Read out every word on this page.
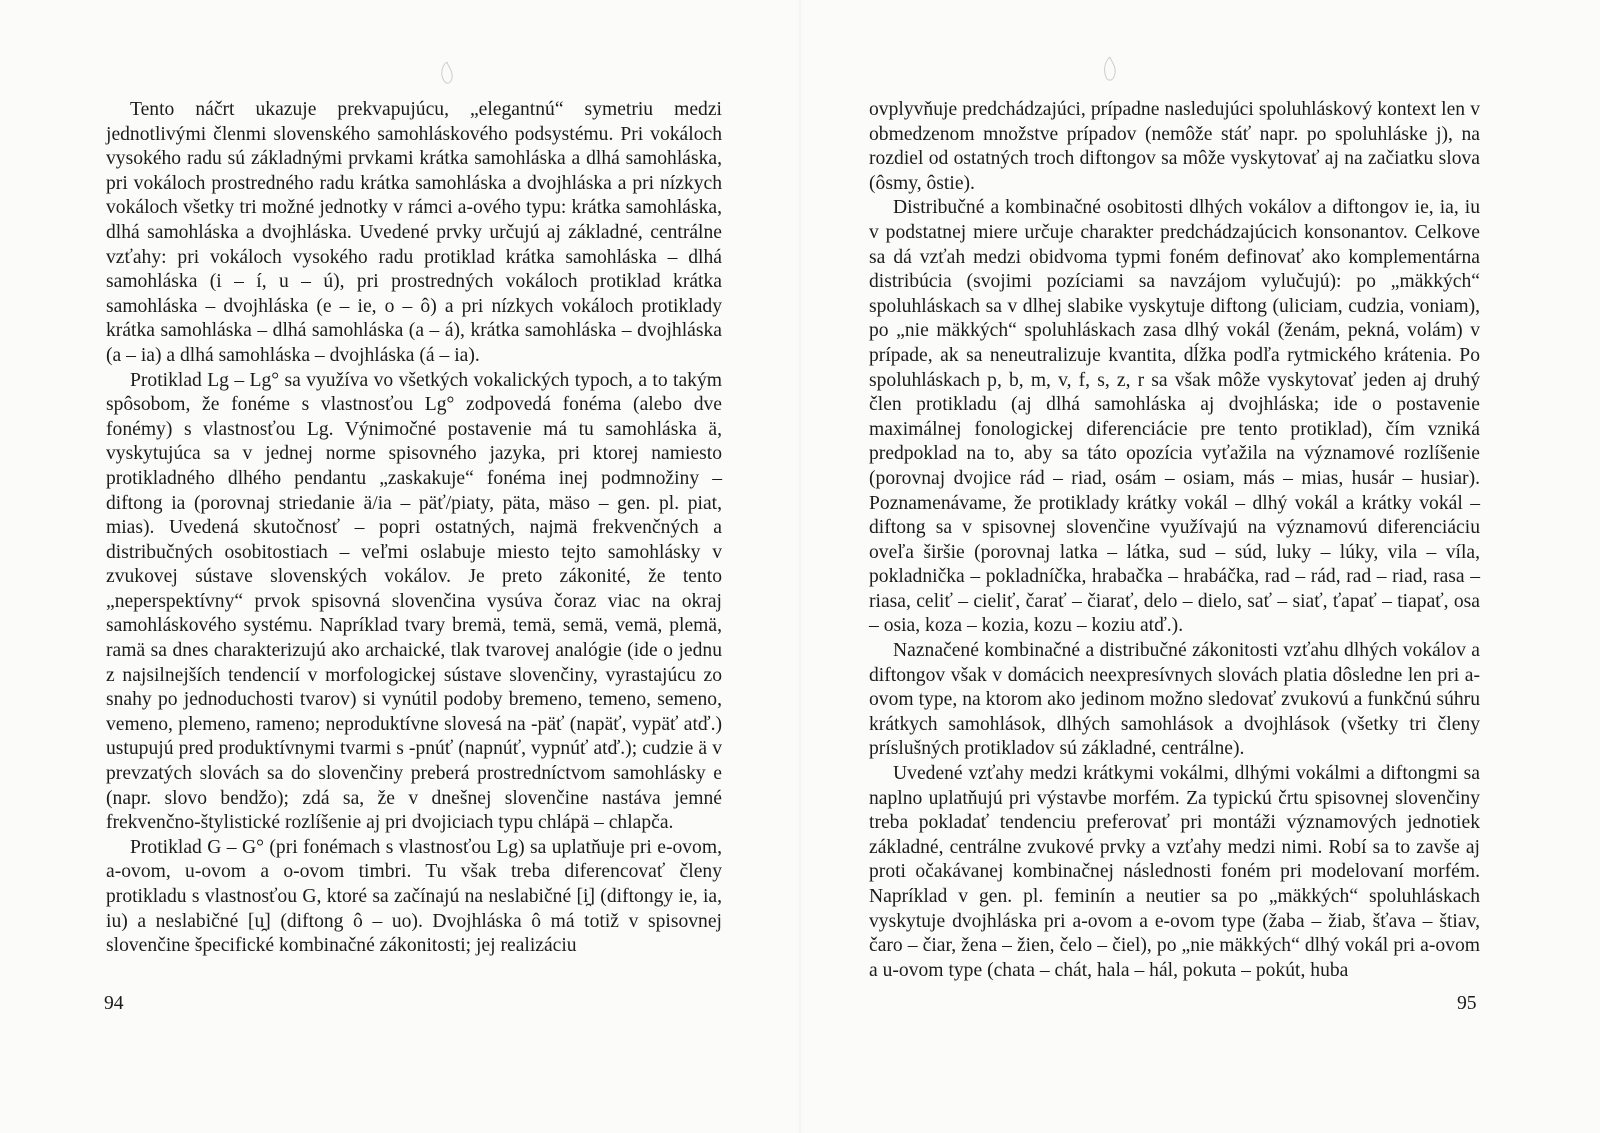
Tento náčrt ukazuje prekvapujúcu, „elegantnú“ symetriu medzi jednotlivými členmi slovenského samohláskového podsystému. Pri vokáloch vysokého radu sú základnými prvkami krátka samohláska a dlhá samohláska, pri vokáloch prostredného radu krátka samohláska a dvojhláska a pri nízkych vokáloch všetky tri možné jednotky v rámci a-ového typu: krátka samohláska, dlhá samohláska a dvojhláska. Uvedené prvky určujú aj základné, centrálne vzťahy: pri vokáloch vysokého radu protiklad krátka samohláska – dlhá samohláska (i – í, u – ú), pri prostredných vokáloch protiklad krátka samohláska – dvojhláska (e – ie, o – ô) a pri nízkych vokáloch protiklady krátka samohláska – dlhá samohláska (a – á), krátka samohláska – dvojhláska (a – ia) a dlhá samohláska – dvojhláska (á – ia).

Protiklad Lg – Lg° sa využíva vo všetkých vokalických typoch, a to takým spôsobom, že fonéme s vlastnosťou Lg° zodpovedá fonéma (alebo dve fonémy) s vlastnosťou Lg. Výnimočné postavenie má tu samohláska ä, vyskytujúca sa v jednej norme spisovného jazyka, pri ktorej namiesto protikladného dlhého pendantu „zaskakuje“ fonéma inej podmnožiny – diftong ia (porovnaj striedanie ä/ia – päť/piaty, päta, mäso – gen. pl. piat, mias). Uvedená skutočnosť – popri ostatných, najmä frekvenčných a distribučných osobitostiach – veľmi oslabuje miesto tejto samohlásky v zvukovej sústave slovenských vokálov. Je preto zákonité, že tento „neperspektívny“ prvok spisovná slovenčina vysúva čoraz viac na okraj samohláskového systému. Napríklad tvary bremä, temä, semä, vemä, plemä, ramä sa dnes charakterizujú ako archaické, tlak tvarovej analógie (ide o jednu z najsilnejších tendencií v morfologickej sústave slovenčiny, vyrastajúcu zo snahy po jednoduchosti tvarov) si vynútil podoby bremeno, temeno, semeno, vemeno, plemeno, rameno; neproduktívne slovesá na -päť (napäť, vypäť atď.) ustupujú pred produktívnymi tvarmi s -pnúť (napnúť, vypnúť atď.); cudzie ä v prevzatých slovách sa do slovenčiny preberá prostredníctvom samohlásky e (napr. slovo bendžo); zdá sa, že v dnešnej slovenčine nastáva jemné frekvenčno-štylistické rozlíšenie aj pri dvojiciach typu chlápä – chlapča.

Protiklad G – G° (pri fonémach s vlastnosťou Lg) sa uplatňuje pri e-ovom, a-ovom, u-ovom a o-ovom timbri. Tu však treba diferencovať členy protikladu s vlastnosťou G, ktoré sa začínajú na neslabičné [i̯] (diftongy ie, ia, iu) a neslabičné [u̯] (diftong ô – uo). Dvojhláska ô má totiž v spisovnej slovenčine špecifické kombinačné zákonitosti; jej realizáciu

94

ovplyvňuje predchádzajúci, prípadne nasledujúci spoluhláskový kontext len v obmedzenom množstve prípadov (nemôže stáť napr. po spoluhláske j), na rozdiel od ostatných troch diftongov sa môže vyskytovať aj na začiatku slova (ôsmy, ôstie).

Distribučné a kombinačné osobitosti dlhých vokálov a diftongov ie, ia, iu v podstatnej miere určuje charakter predchádzajúcich konsonantov. Celkove sa dá vzťah medzi obidvoma typmi foném definovať ako komplementárna distribúcia (svojimi pozíciami sa navzájom vylučujú): po „mäkkých“ spoluhláskach sa v dlhej slabike vyskytuje diftong (uliciam, cudzia, voniam), po „nie mäkkých“ spoluhláskach zasa dlhý vokál (ženám, pekná, volám) v prípade, ak sa neneutralizuje kvantita, dĺžka podľa rytmického krátenia. Po spoluhláskach p, b, m, v, f, s, z, r sa však môže vyskytovať jeden aj druhý člen protikladu (aj dlhá samohláska aj dvojhláska; ide o postavenie maximálnej fonologickej diferenciácie pre tento protiklad), čím vzniká predpoklad na to, aby sa táto opozícia vyťažila na významové rozlíšenie (porovnaj dvojice rád – riad, osám – osiam, más – mias, husár – husiar). Poznamenávame, že protiklady krátky vokál – dlhý vokál a krátky vokál – diftong sa v spisovnej slovenčine využívajú na významovú diferenciáciu oveľa širšie (porovnaj latka – látka, sud – súd, luky – lúky, vila – víla, pokladnička – pokladníčka, hrabačka – hrabáčka, rad – rád, rad – riad, rasa – riasa, celiť – cieliť, čarať – čiarať, delo – dielo, sať – siať, ťapať – tiapať, osa – osia, koza – kozia, kozu – koziu atď.).

Naznačené kombinačné a distribučné zákonitosti vzťahu dlhých vokálov a diftongov však v domácich neexpresívnych slovách platia dôsledne len pri a-ovom type, na ktorom ako jedinom možno sledovať zvukovú a funkčnú súhru krátkych samohlások, dlhých samohlások a dvojhlások (všetky tri členy príslušných protikladov sú základné, centrálne).

Uvedené vzťahy medzi krátkymi vokálmi, dlhými vokálmi a diftongmi sa naplno uplatňujú pri výstavbe morfém. Za typickú črtu spisovnej slovenčiny treba pokladať tendenciu preferovať pri montáži významových jednotiek základné, centrálne zvukové prvky a vzťahy medzi nimi. Robí sa to zavše aj proti očakávanej kombinačnej následnosti foném pri modelovaní morfém. Napríklad v gen. pl. feminín a neutier sa po „mäkkých“ spoluhláskach vyskytuje dvojhláska pri a-ovom a e-ovom type (žaba – žiab, šťava – štiav, čaro – čiar, žena – žien, čelo – čiel), po „nie mäkkých“ dlhý vokál pri a-ovom a u-ovom type (chata – chát, hala – hál, pokuta – pokút, huba

95
